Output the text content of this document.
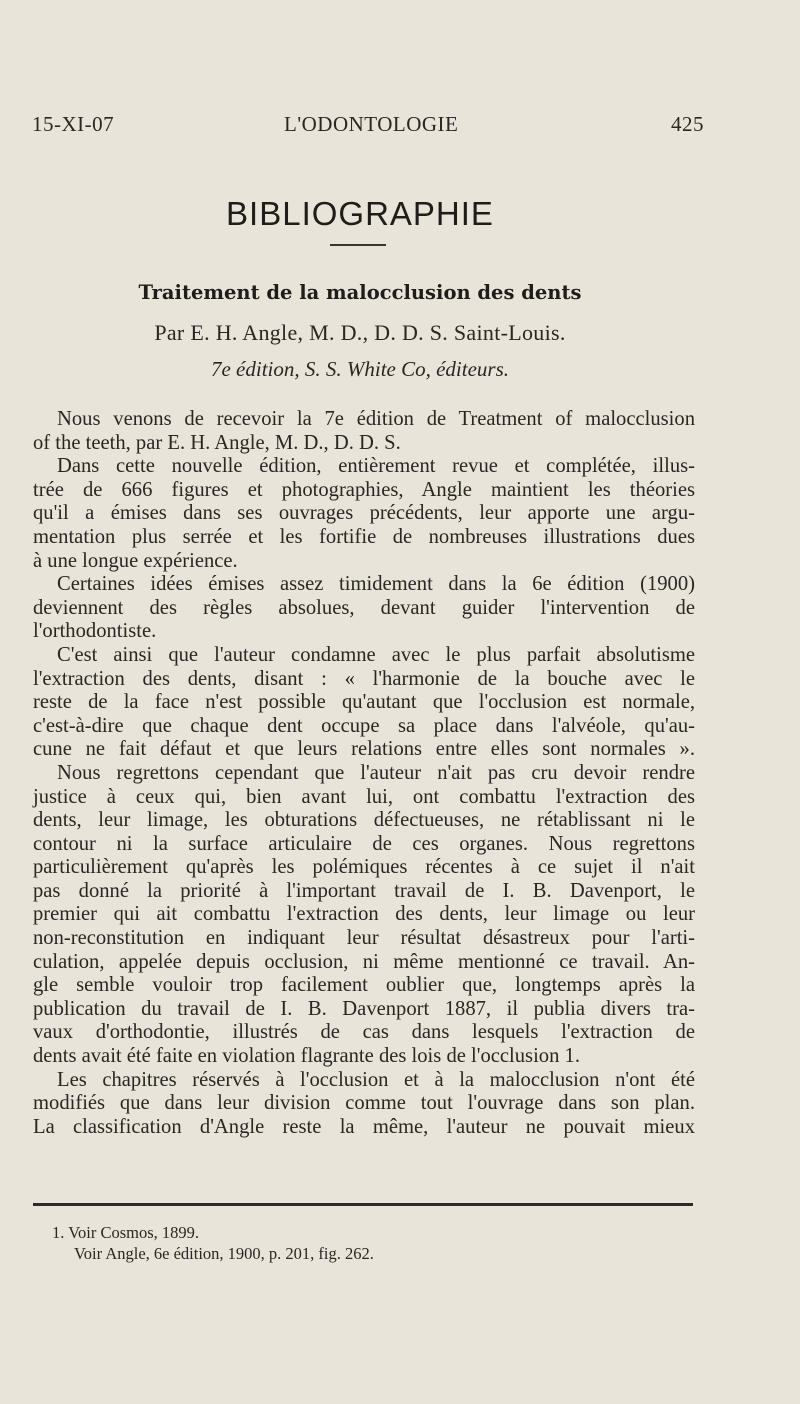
15-XI-07	L'ODONTOLOGIE	425
BIBLIOGRAPHIE
Traitement de la malocclusion des dents
Par E. H. Angle, M. D., D. D. S. Saint-Louis.
7e édition, S. S. White Co, éditeurs.
Nous venons de recevoir la 7e édition de Treatment of malocclusion
of the teeth, par E. H. Angle, M. D., D. D. S.
Dans cette nouvelle édition, entièrement revue et complétée, illus-
trée de 666 figures et photographies, Angle maintient les théories
qu'il a émises dans ses ouvrages précédents, leur apporte une argu-
mentation plus serrée et les fortifie de nombreuses illustrations dues
à une longue expérience.
Certaines idées émises assez timidement dans la 6e édition (1900)
deviennent des règles absolues, devant guider l'intervention de
l'orthodontiste.
C'est ainsi que l'auteur condamne avec le plus parfait absolutisme
l'extraction des dents, disant : « l'harmonie de la bouche avec le
reste de la face n'est possible qu'autant que l'occlusion est normale,
c'est-à-dire que chaque dent occupe sa place dans l'alvéole, qu'au-
cune ne fait défaut et que leurs relations entre elles sont normales ».
Nous regrettons cependant que l'auteur n'ait pas cru devoir rendre
justice à ceux qui, bien avant lui, ont combattu l'extraction des
dents, leur limage, les obturations défectueuses, ne rétablissant ni le
contour ni la surface articulaire de ces organes. Nous regrettons
particulièrement qu'après les polémiques récentes à ce sujet il n'ait
pas donné la priorité à l'important travail de I. B. Davenport, le
premier qui ait combattu l'extraction des dents, leur limage ou leur
non-reconstitution en indiquant leur résultat désastreux pour l'arti-
culation, appelée depuis occlusion, ni même mentionné ce travail. An-
gle semble vouloir trop facilement oublier que, longtemps après la
publication du travail de I. B. Davenport 1887, il publia divers tra-
vaux d'orthodontie, illustrés de cas dans lesquels l'extraction de
dents avait été faite en violation flagrante des lois de l'occlusion 1.
Les chapitres réservés à l'occlusion et à la malocclusion n'ont été
modifiés que dans leur division comme tout l'ouvrage dans son plan.
La classification d'Angle reste la même, l'auteur ne pouvait mieux
1. Voir Cosmos, 1899.
Voir Angle, 6e édition, 1900, p. 201, fig. 262.
